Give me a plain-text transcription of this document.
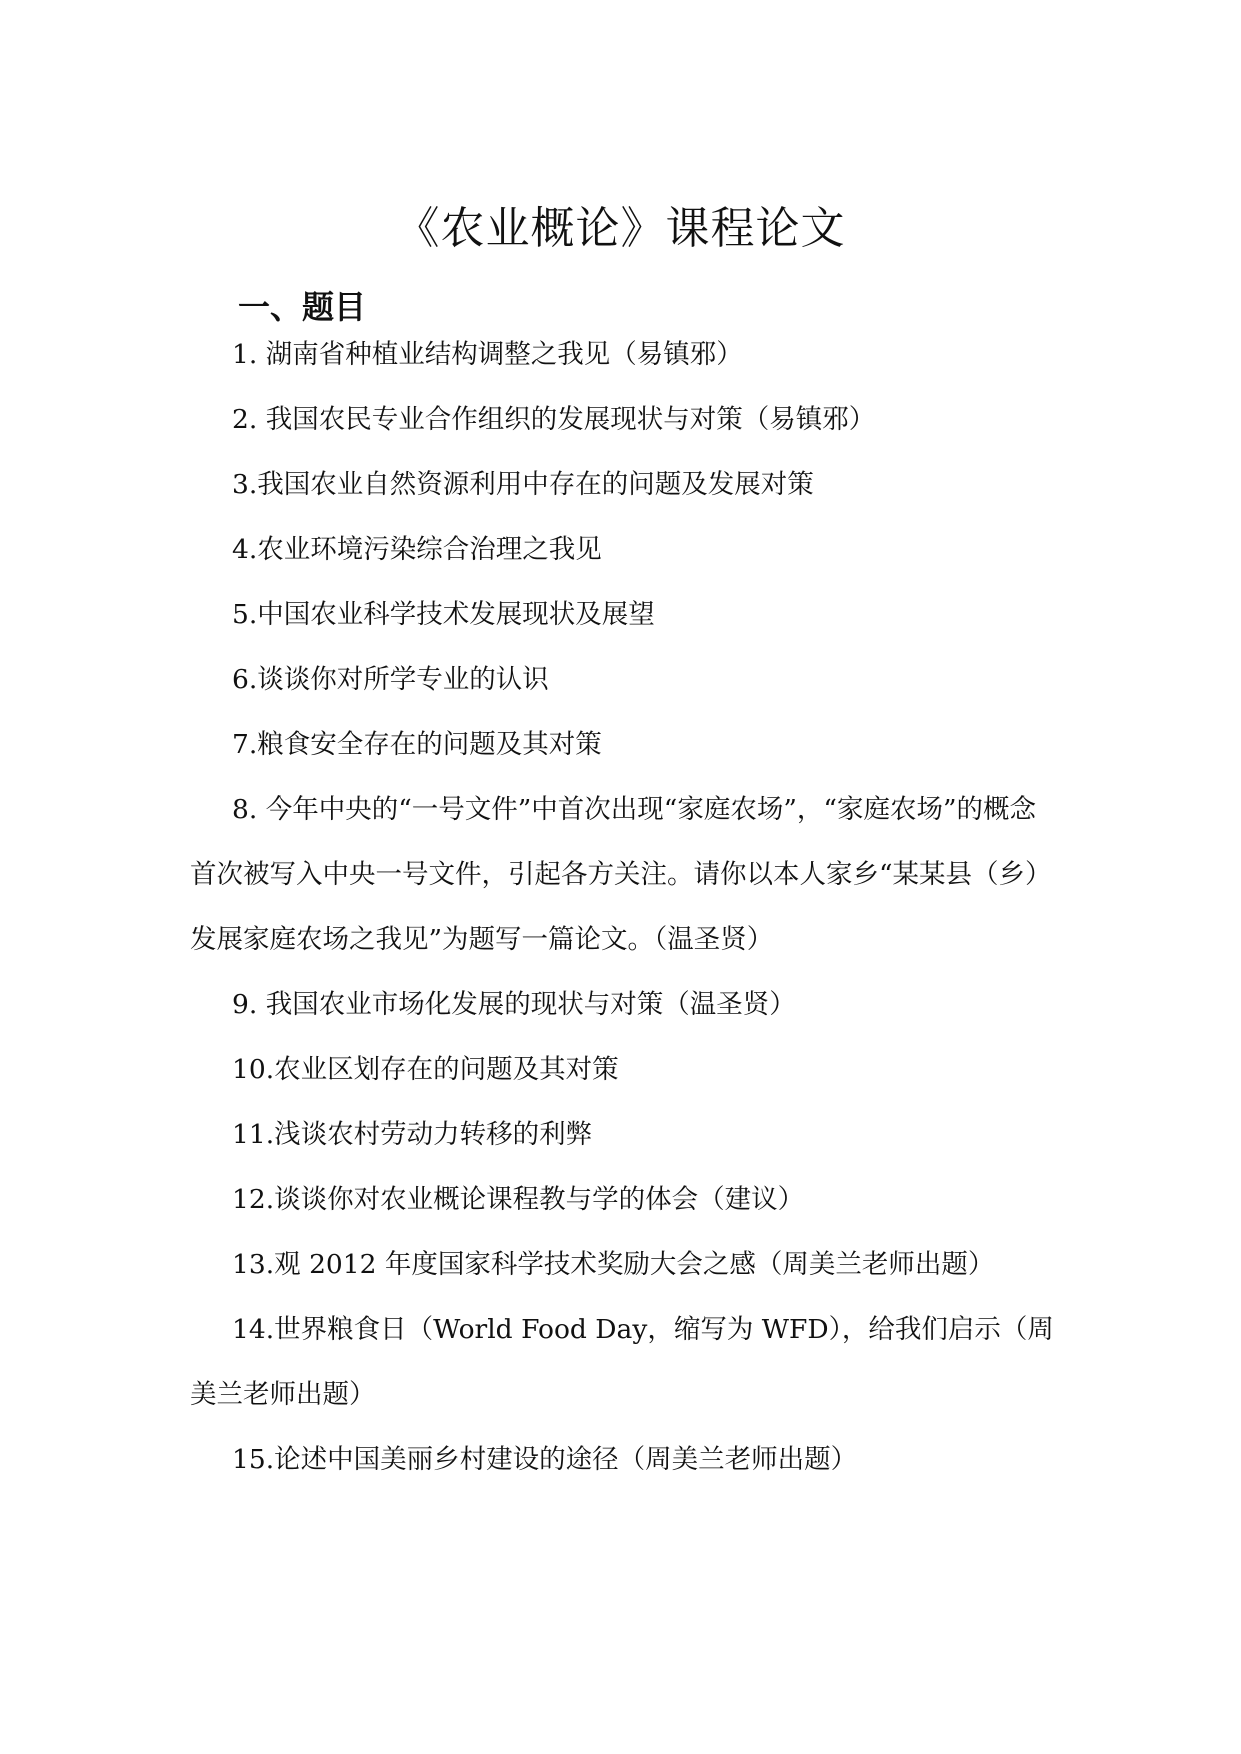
《农业概论》课程论文
一、题目
1. 湖南省种植业结构调整之我见（易镇邪）
2. 我国农民专业合作组织的发展现状与对策（易镇邪）
3.我国农业自然资源利用中存在的问题及发展对策
4.农业环境污染综合治理之我见
5.中国农业科学技术发展现状及展望
6.谈谈你对所学专业的认识
7.粮食安全存在的问题及其对策
8. 今年中央的“一号文件”中首次出现“家庭农场”，“家庭农场”的概念首次被写入中央一号文件，引起各方关注。请你以本人家乡“某某县（乡）发展家庭农场之我见”为题写一篇论文。（温圣贤）
9. 我国农业市场化发展的现状与对策（温圣贤）
10.农业区划存在的问题及其对策
11.浅谈农村劳动力转移的利弊
12.谈谈你对农业概论课程教与学的体会（建议）
13.观 2012 年度国家科学技术奖励大会之感（周美兰老师出题）
14.世界粮食日（World Food Day，缩写为 WFD），给我们启示（周美兰老师出题）
15.论述中国美丽乡村建设的途径（周美兰老师出题）
